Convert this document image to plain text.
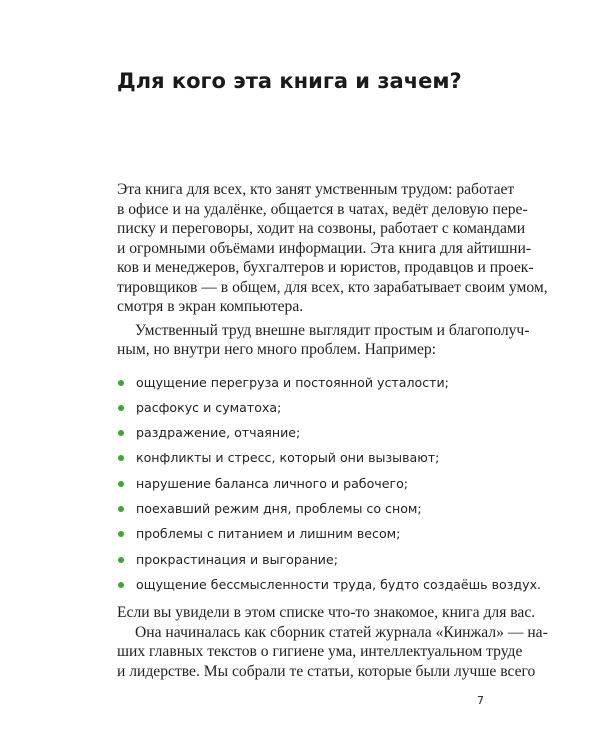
Для кого эта книга и зачем?

Эта книга для всех, кто занят умственным трудом: работает
в офисе и на удалёнке, общается в чатах, ведёт деловую пере-
писку и переговоры, ходит на созвоны, работает с командами
и огромными объёмами информации. Эта книга для айтишни-
ков и менеджеров, бухгалтеров и юристов, продавцов и проек-
тировщиков — в общем, для всех, кто зарабатывает своим умом,
смотря в экран компьютера.

Умственный труд внешне выглядит простым и благополуч-
ным, но внутри него много проблем. Например:

ощущение перегруза и постоянной усталости;
расфокус и суматоха;
раздражение, отчаяние;
конфликты и стресс, который они вызывают;
нарушение баланса личного и рабочего;
поехавший режим дня, проблемы со сном;
проблемы с питанием и лишним весом;
прокрастинация и выгорание;
ощущение бессмысленности труда, будто создаёшь воздух.

Если вы увидели в этом списке что-то знакомое, книга для вас.

Она начиналась как сборник статей журнала «Кинжал» — на-
ших главных текстов о гигиене ума, интеллектуальном труде
и лидерстве. Мы собрали те статьи, которые были лучше всего

7
